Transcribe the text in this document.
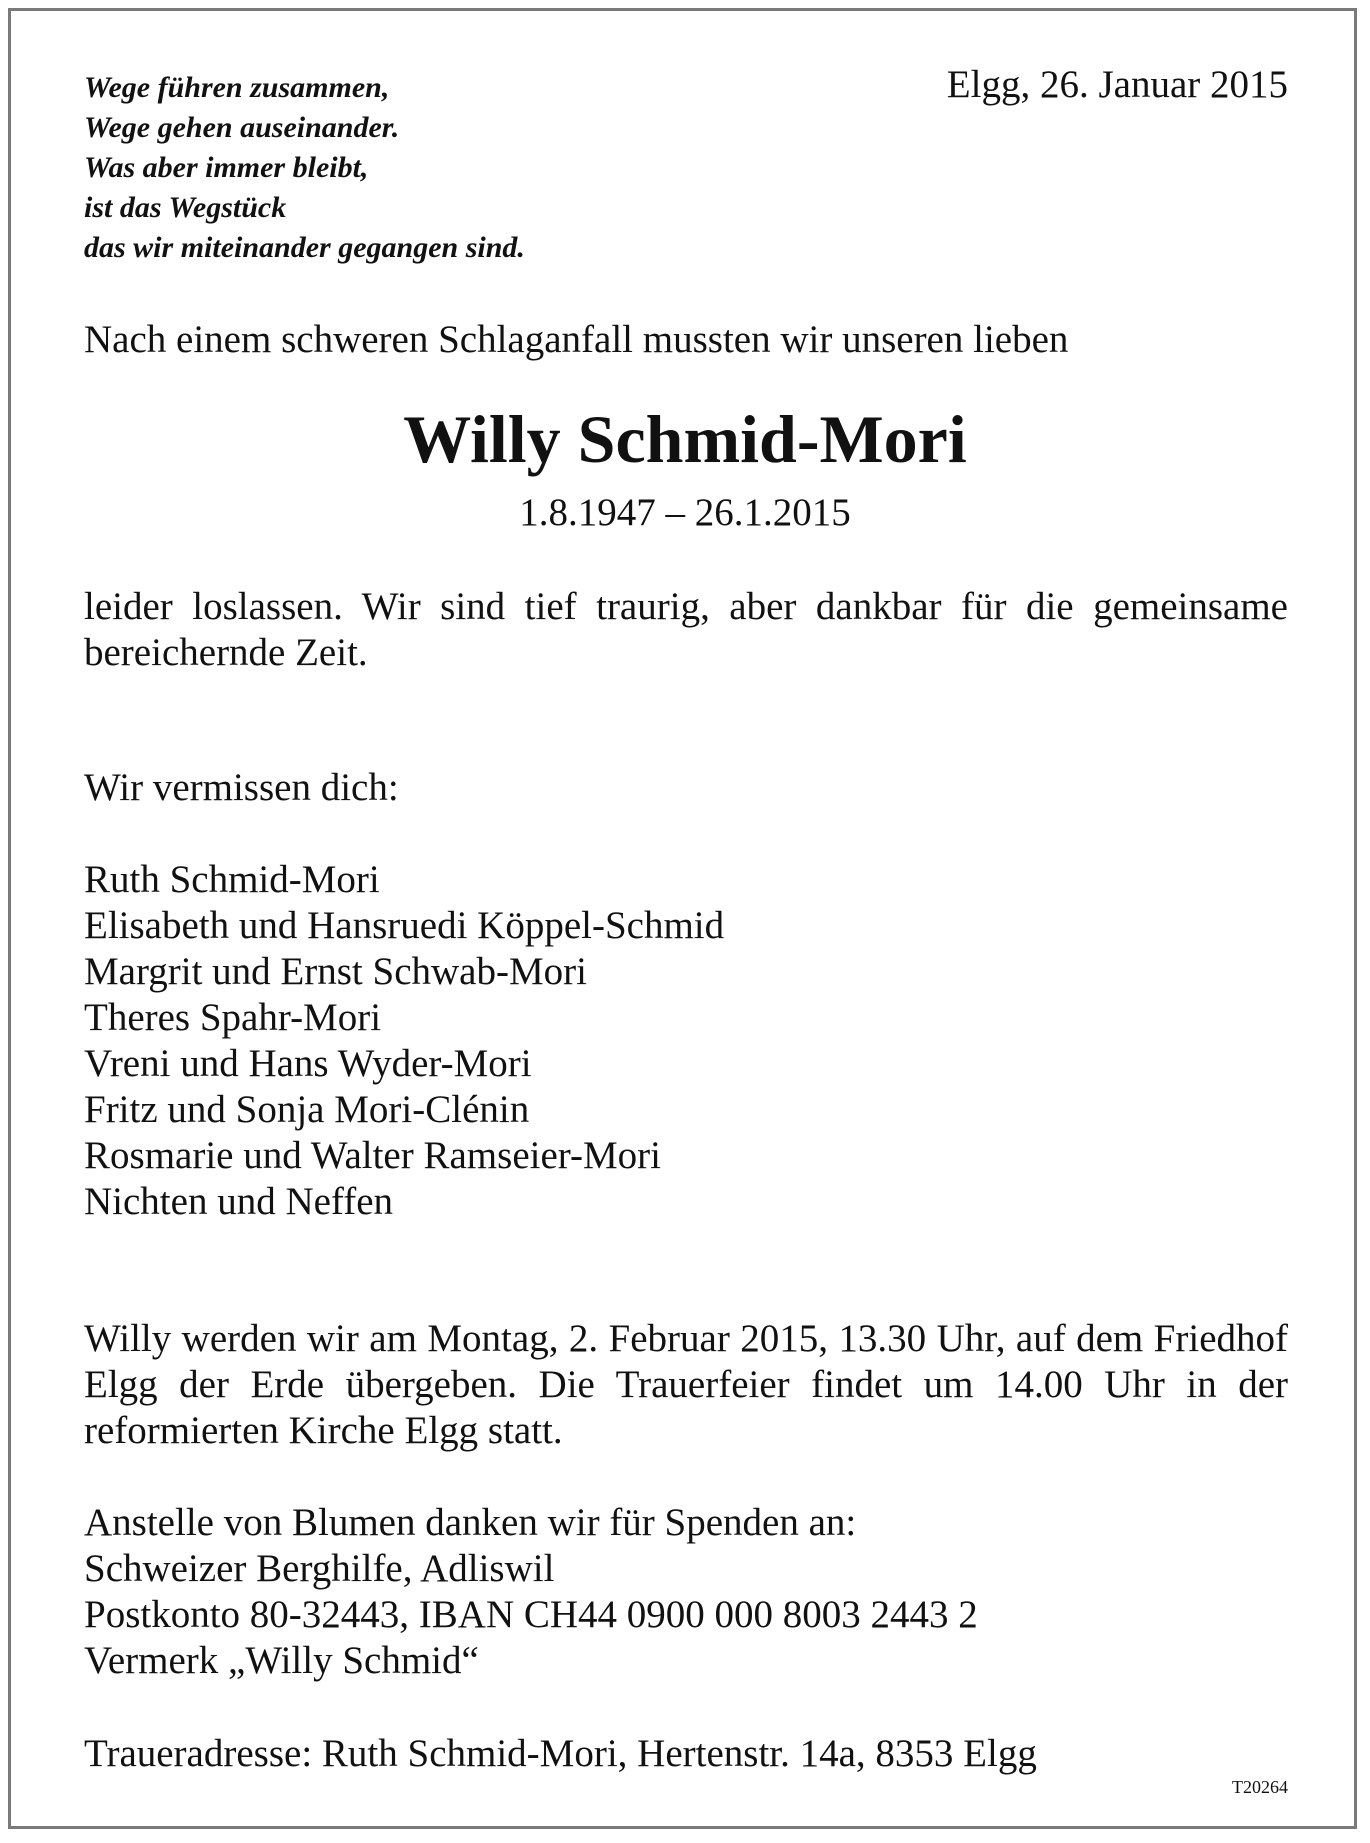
Wege führen zusammen,
Wege gehen auseinander.
Was aber immer bleibt,
ist das Wegstück
das wir miteinander gegangen sind.
Elgg, 26. Januar 2015
Nach einem schweren Schlaganfall mussten wir unseren lieben
Willy Schmid-Mori
1.8.1947 – 26.1.2015
leider loslassen. Wir sind tief traurig, aber dankbar für die gemeinsame bereichernde Zeit.
Wir vermissen dich:
Ruth Schmid-Mori
Elisabeth und Hansruedi Köppel-Schmid
Margrit und Ernst Schwab-Mori
Theres Spahr-Mori
Vreni und Hans Wyder-Mori
Fritz und Sonja Mori-Clénin
Rosmarie und Walter Ramseier-Mori
Nichten und Neffen
Willy werden wir am Montag, 2. Februar 2015, 13.30 Uhr, auf dem Friedhof Elgg der Erde übergeben. Die Trauerfeier findet um 14.00 Uhr in der reformierten Kirche Elgg statt.
Anstelle von Blumen danken wir für Spenden an:
Schweizer Berghilfe, Adliswil
Postkonto 80-32443, IBAN CH44 0900 000 8003 2443 2
Vermerk „Willy Schmid“
Traueradresse: Ruth Schmid-Mori, Hertenstr. 14a, 8353 Elgg
T20264
